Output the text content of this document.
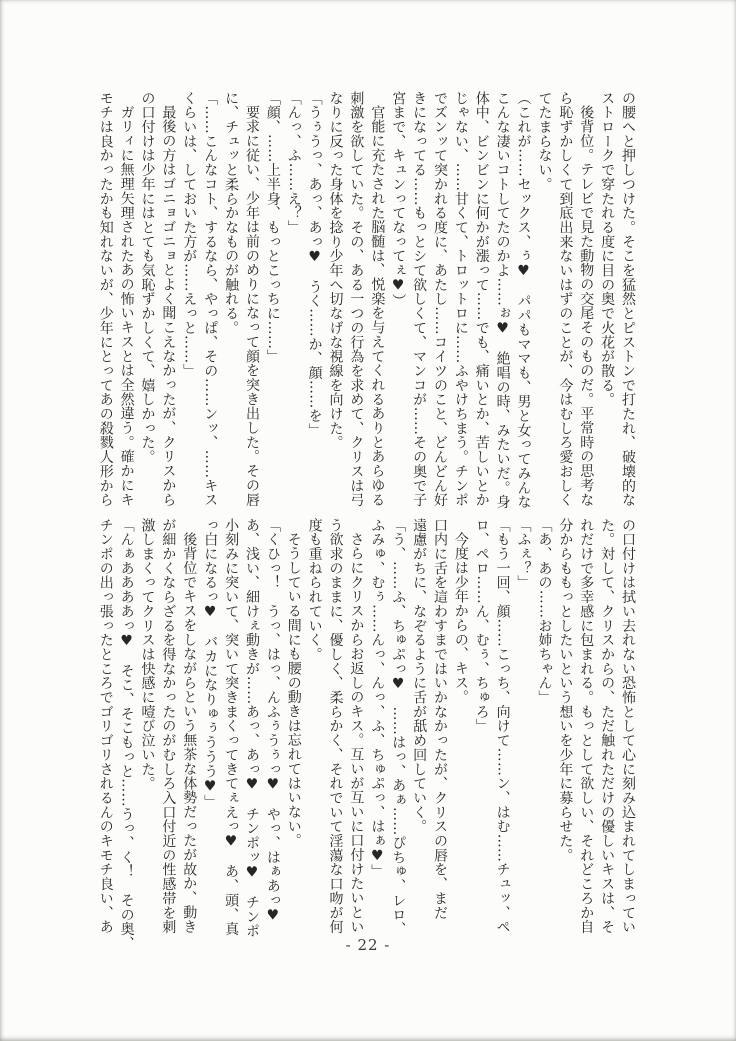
の腰へと押しつけた。そこを猛然とピストンで打たれ、破壊的な
ストロークで穿たれる度に目の奥で火花が散る。
後背位。テレビで見た動物の交尾そのものだ。平常時の思考な
ら恥ずかしくて到底出来ないはずのことが、今はむしろ愛おしく
てたまらない。
（これが……セックス、ぅ♥　パパもママも、男と女ってみんな
こんな凄いコトしてたのかよ……ぉ♥　絶唱の時、みたいだ。身
体中、ビンビンに何かが漲って……でも、痛いとか、苦しいとか
じゃない、……甘くて、トロットロに……ふやけちまう。チンポ
でズンッて突かれる度に、あたし……コイツのこと、どんどん好
きになってる……もっとシて欲しくて、マンコが……その奥で子
宮まで、キュンってなってぇ♥）
官能に充たされた脳髄は、悦楽を与えてくれるありとあらゆる
刺激を欲していた。その、ある一つの行為を求めて、クリスは弓
なりに反った身体を捻り少年へ切なげな視線を向けた。
「うぅうっ、あっ、あっ♥　うく……か、顔……を」
「んっ、ふ……え？」
「顔、……上半身、もっとこっちに……」
要求に従い、少年は前のめりになって顔を突き出した。その唇
に、チュッと柔らかなものが触れる。
「……こんなコト、するなら、やっぱ、その……ンッ、……キス
くらいは、しておいた方が……えっと……」
最後の方はゴニョゴニョとよく聞こえなかったが、クリスから
の口付けは少年にはとても気恥ずかしくて、嬉しかった。
ガリィに無理矢理されたあの怖いキスとは全然違う。確かにキ
モチは良かったかも知れないが、少年にとってあの殺戮人形から
の口付けは拭い去れない恐怖として心に刻み込まれてしまってい
た。対して、クリスからの、ただ触れただけの優しいキスは、そ
れだけで多幸感に包まれる。もっとして欲しい、それどころか自
分からももっとしたいという想いを少年に募らせた。
「あ、あの……お姉ちゃん」
「ふぇ？」
「もう一回、顔……こっち、向けて……ン、はむ……チュッ、ペ
ロ、ペロ……ん、むぅ、ちゅろ」
今度は少年からの、キス。
口内に舌を這わすまではいかなかったが、クリスの唇を、まだ
遠慮がちに、なぞるように舌が舐め回していく。
「う、……ふ、ちゅぷっ♥　……はっ、あぁ……ぴちゅ、レロ、
ふみゅ、むぅ……んっ、んっ、ふ、ちゅぷっ、はぁ♥」
さらにクリスからお返しのキス。互いが互いに口付けたいとい
う欲求のままに、優しく、柔らかく、それでいて淫蕩な口吻が何
度も重ねられていく。
そうしている間にも腰の動きは忘れてはいない。
「くひっ！　うっ、はっ、んふぅうぅっ♥　やっ、はぁあっ♥
あ、浅い、細けぇ動きが……あっ、あっ♥　チンポッ♥　チンポ
小刻みに突いて、突いて突きまくってきてぇえっ♥　あ、頭、真
っ白になるっ♥　バカになりゅぅううう♥」
後背位でキスをしながらという無茶な体勢だったが故か、動き
が細かくならざるを得なかったのがむしろ入口付近の性感帯を刺
激しまくってクリスは快感に噎び泣いた。
「んぁああああっ♥　そこ、そこもっと……うっ、く！　その奥、
チンポの出っ張ったところでゴリゴリされるんのキモチ良い、あ
- 22 -
